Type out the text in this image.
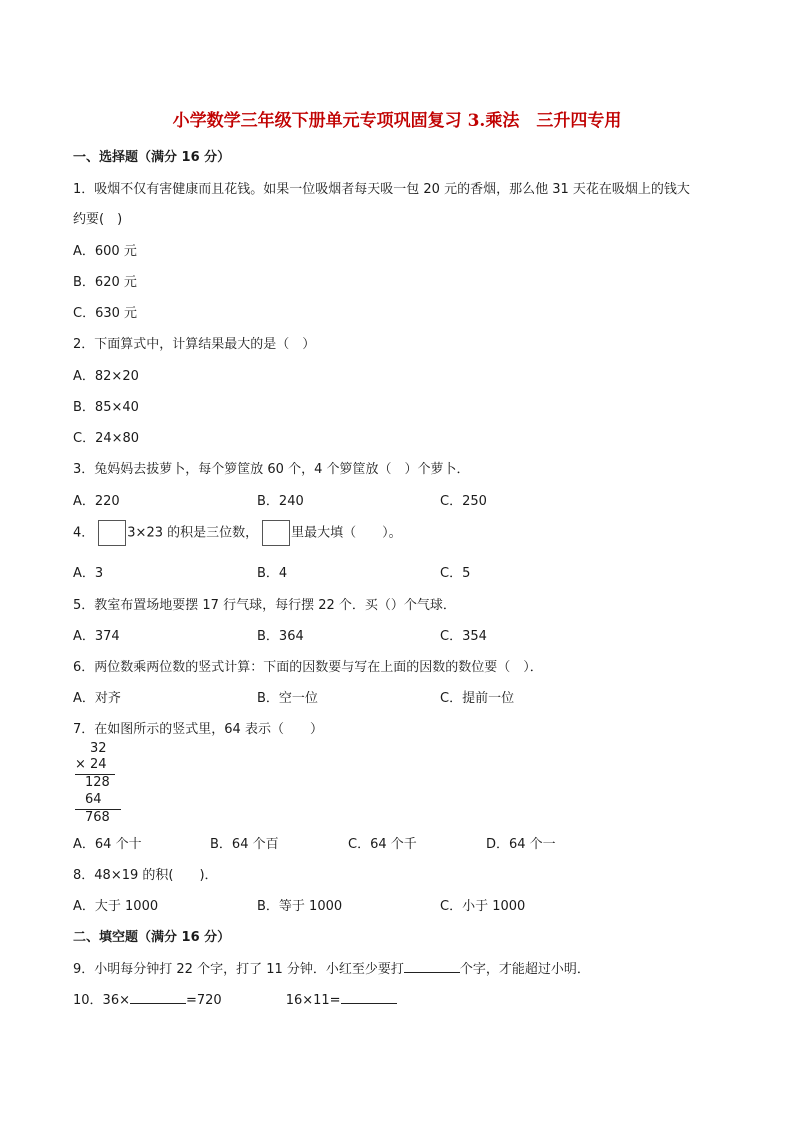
小学数学三年级下册单元专项巩固复习 3.乘法　三升四专用
一、选择题（满分 16 分）
1．吸烟不仅有害健康而且花钱。如果一位吸烟者每天吸一包 20 元的香烟，那么他 31 天花在吸烟上的钱大
约要(　)
A．600 元
B．620 元
C．630 元
2．下面算式中，计算结果最大的是（　）
A．82×20
B．85×40
C．24×80
3．兔妈妈去拔萝卜，每个箩筐放 60 个，4 个箩筐放（　）个萝卜．
A．220	B．240	C．250
4．	3×23 的积是三位数，	里最大填（　　）。
A．3	B．4	C．5
5．教室布置场地要摆 17 行气球，每行摆 22 个．买（）个气球．
A．374	B．364	C．354
6．两位数乘两位数的竖式计算：下面的因数要与写在上面的因数的数位要（　）．
A．对齐	B．空一位	C．提前一位
7．在如图所示的竖式里，64 表示（　　）
32
× 24
128
64
768
A．64 个十	B．64 个百	C．64 个千	D．64 个一
8．48×19 的积(　　)．
A．大于 1000	B．等于 1000	C．小于 1000
二、填空题（满分 16 分）
9．小明每分钟打 22 个字，打了 11 分钟．小红至少要打	个字，才能超过小明．
10．36×	=720	16×11=
